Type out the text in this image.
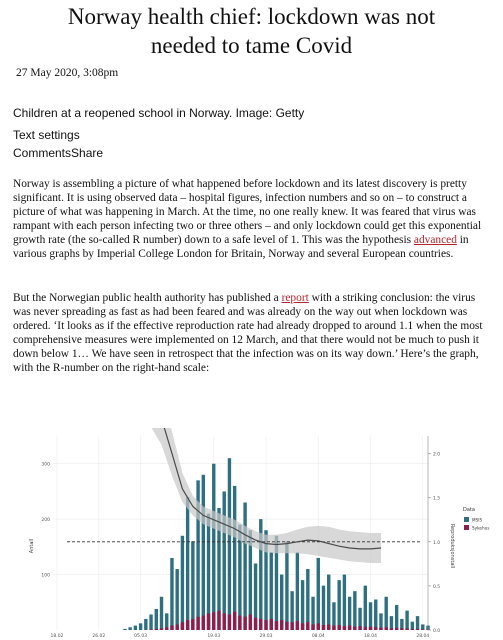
Norway health chief: lockdown was not
needed to tame Covid
27 May 2020, 3:08pm
Children at a reopened school in Norway. Image: Getty
Text settings
CommentsShare

Norway is assembling a picture of what happened before lockdown and its latest discovery is pretty significant. It is using observed data – hospital figures, infection numbers and so on – to construct a picture of what was happening in March. At the time, no one really knew. It was feared that virus was rampant with each person infecting two or three others – and only lockdown could get this exponential growth rate (the so-called R number) down to a safe level of 1. This was the hypothesis advanced in various graphs by Imperial College London for Britain, Norway and several European countries.

But the Norwegian public health authority has published a report with a striking conclusion: the virus was never spreading as fast as had been feared and was already on the way out when lockdown was ordered. ‘It looks as if the effective reproduction rate had already dropped to around 1.1 when the most comprehensive measures were implemented on 12 March, and that there would not be much to push it down below 1… We have seen in retrospect that the infection was on its way down.’ Here’s the graph, with the R-number on the right-hand scale:

100
200
300
0.0
0.5
1.0
1.5
2.0
18.02	26.02	05.03	19.03	29.03	08.04	18.04	28.04
Antall	Reproduksjonstall
Data
MSIS
Sykehus
